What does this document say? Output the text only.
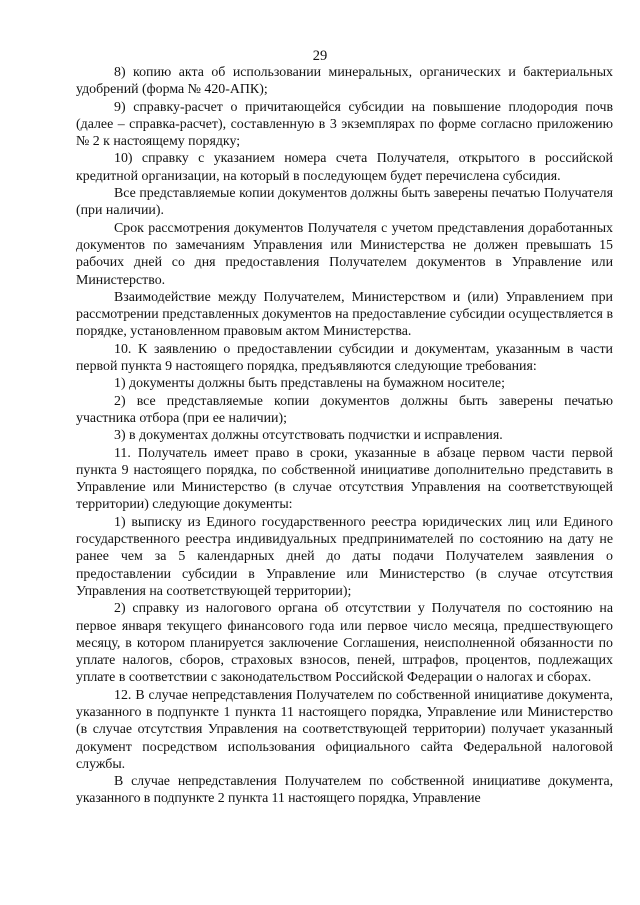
29

8) копию акта об использовании минеральных, органических и бактериальных удобрений (форма № 420-АПК);

9) справку-расчет о причитающейся субсидии на повышение плодородия почв (далее – справка-расчет), составленную в 3 экземплярах по форме согласно приложению № 2 к настоящему порядку;

10) справку с указанием номера счета Получателя, открытого в российской кредитной организации, на который в последующем будет перечислена субсидия.

Все представляемые копии документов должны быть заверены печатью Получателя (при наличии).

Срок рассмотрения документов Получателя с учетом представления доработанных документов по замечаниям Управления или Министерства не должен превышать 15 рабочих дней со дня предоставления Получателем документов в Управление или Министерство.

Взаимодействие между Получателем, Министерством и (или) Управлением при рассмотрении представленных документов на предоставление субсидии осуществляется в порядке, установленном правовым актом Министерства.

10. К заявлению о предоставлении субсидии и документам, указанным в части первой пункта 9 настоящего порядка, предъявляются следующие требования:

1) документы должны быть представлены на бумажном носителе;

2) все представляемые копии документов должны быть заверены печатью участника отбора (при ее наличии);

3) в документах должны отсутствовать подчистки и исправления.

11. Получатель имеет право в сроки, указанные в абзаце первом части первой пункта 9 настоящего порядка, по собственной инициативе дополнительно представить в Управление или Министерство (в случае отсутствия Управления на соответствующей территории) следующие документы:

1) выписку из Единого государственного реестра юридических лиц или Единого государственного реестра индивидуальных предпринимателей по состоянию на дату не ранее чем за 5 календарных дней до даты подачи Получателем заявления о предоставлении субсидии в Управление или Министерство (в случае отсутствия Управления на соответствующей территории);

2) справку из налогового органа об отсутствии у Получателя по состоянию на первое января текущего финансового года или первое число месяца, предшествующего месяцу, в котором планируется заключение Соглашения, неисполненной обязанности по уплате налогов, сборов, страховых взносов, пеней, штрафов, процентов, подлежащих уплате в соответствии с законодательством Российской Федерации о налогах и сборах.

12. В случае непредставления Получателем по собственной инициативе документа, указанного в подпункте 1 пункта 11 настоящего порядка, Управление или Министерство (в случае отсутствия Управления на соответствующей территории) получает указанный документ посредством использования официального сайта Федеральной налоговой службы.

В случае непредставления Получателем по собственной инициативе документа, указанного в подпункте 2 пункта 11 настоящего порядка, Управление
